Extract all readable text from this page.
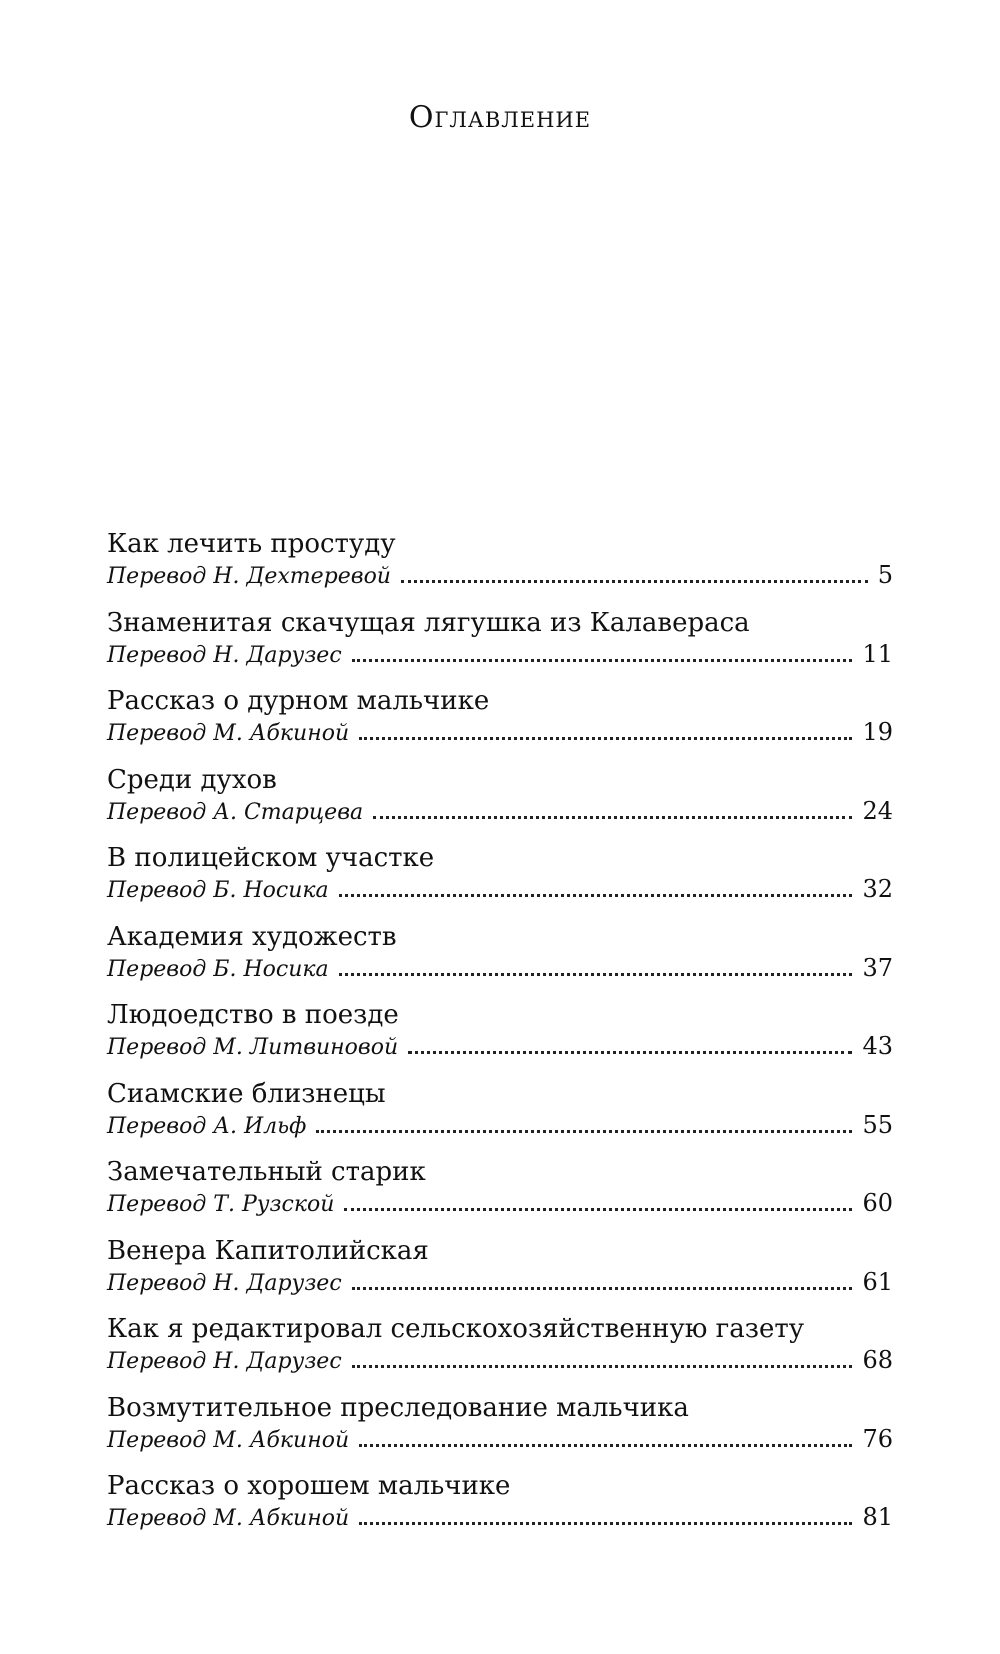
Оглавление
Как лечить простуду
Перевод Н. Дехтеревой	5
Знаменитая скачущая лягушка из Калавераса
Перевод Н. Дарузес	11
Рассказ о дурном мальчике
Перевод М. Абкиной	19
Среди духов
Перевод А. Старцева	24
В полицейском участке
Перевод Б. Носика	32
Академия художеств
Перевод Б. Носика	37
Людоедство в поезде
Перевод М. Литвиновой	43
Сиамские близнецы
Перевод А. Ильф	55
Замечательный старик
Перевод Т. Рузской	60
Венера Капитолийская
Перевод Н. Дарузес	61
Как я редактировал сельскохозяйственную газету
Перевод Н. Дарузес	68
Возмутительное преследование мальчика
Перевод М. Абкиной	76
Рассказ о хорошем мальчике
Перевод М. Абкиной	81
